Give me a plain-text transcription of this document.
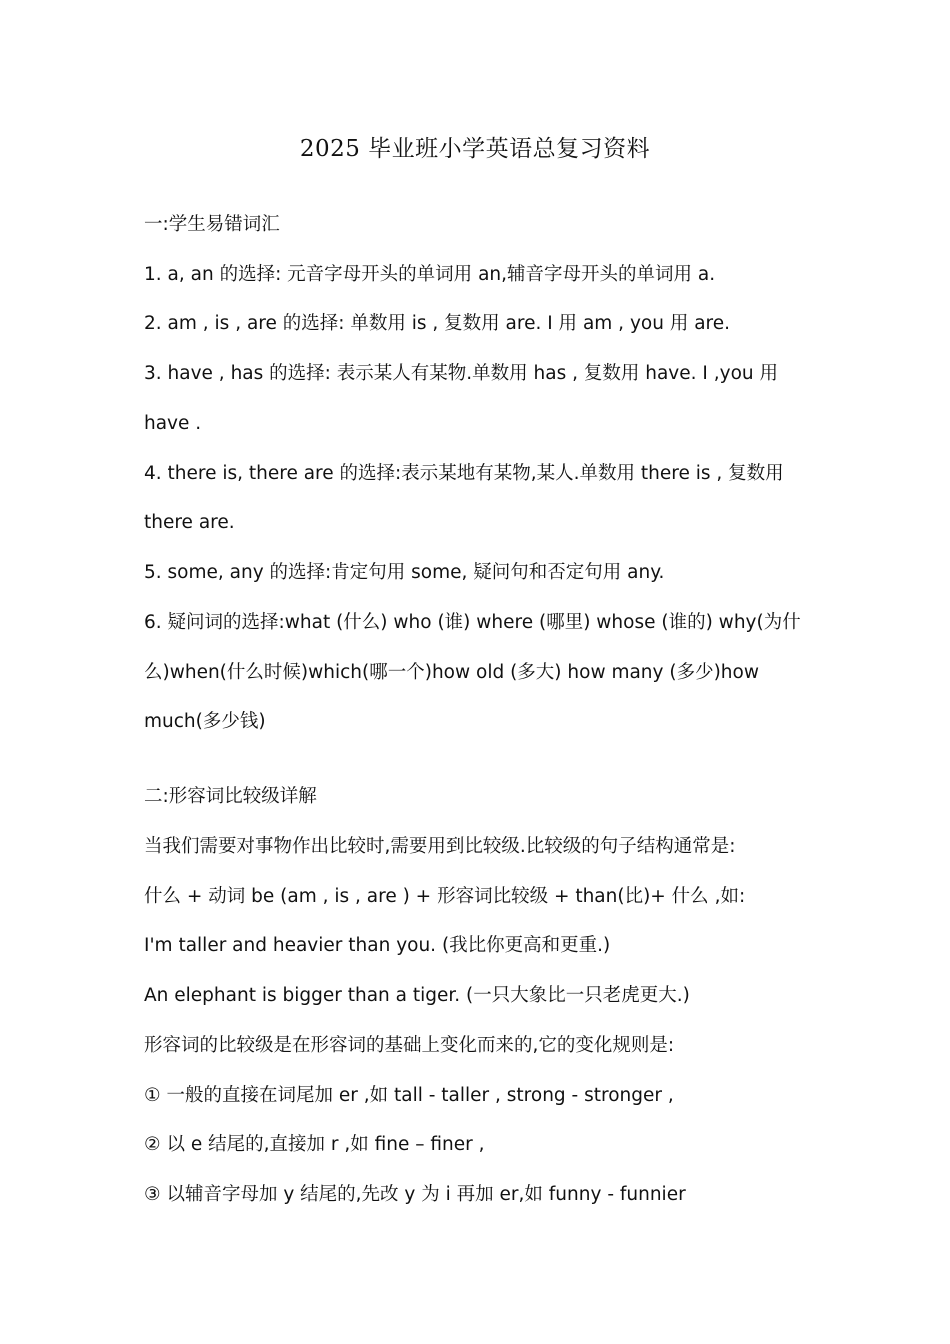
2025 毕业班小学英语总复习资料
一:学生易错词汇
1. a, an 的选择: 元音字母开头的单词用 an,辅音字母开头的单词用 a.
2. am , is , are 的选择: 单数用 is , 复数用 are. I 用 am , you 用 are.
3. have , has 的选择: 表示某人有某物.单数用 has , 复数用 have. I ,you 用
have .
4. there is, there are 的选择:表示某地有某物,某人.单数用 there is , 复数用
there are.
5. some, any 的选择:肯定句用 some, 疑问句和否定句用 any.
6. 疑问词的选择:what (什么) who (谁) where (哪里) whose (谁的) why(为什
么)when(什么时候)which(哪一个)how old (多大) how many (多少)how
much(多少钱)
二:形容词比较级详解
当我们需要对事物作出比较时,需要用到比较级.比较级的句子结构通常是:
什么 + 动词 be (am , is , are ) + 形容词比较级 + than(比)+ 什么 ,如:
I'm taller and heavier than you. (我比你更高和更重.)
An elephant is bigger than a tiger. (一只大象比一只老虎更大.)
形容词的比较级是在形容词的基础上变化而来的,它的变化规则是:
① 一般的直接在词尾加 er ,如 tall - taller , strong - stronger ,
② 以 e 结尾的,直接加 r ,如 fine – finer ,
③ 以辅音字母加 y 结尾的,先改 y 为 i 再加 er,如 funny - funnier
